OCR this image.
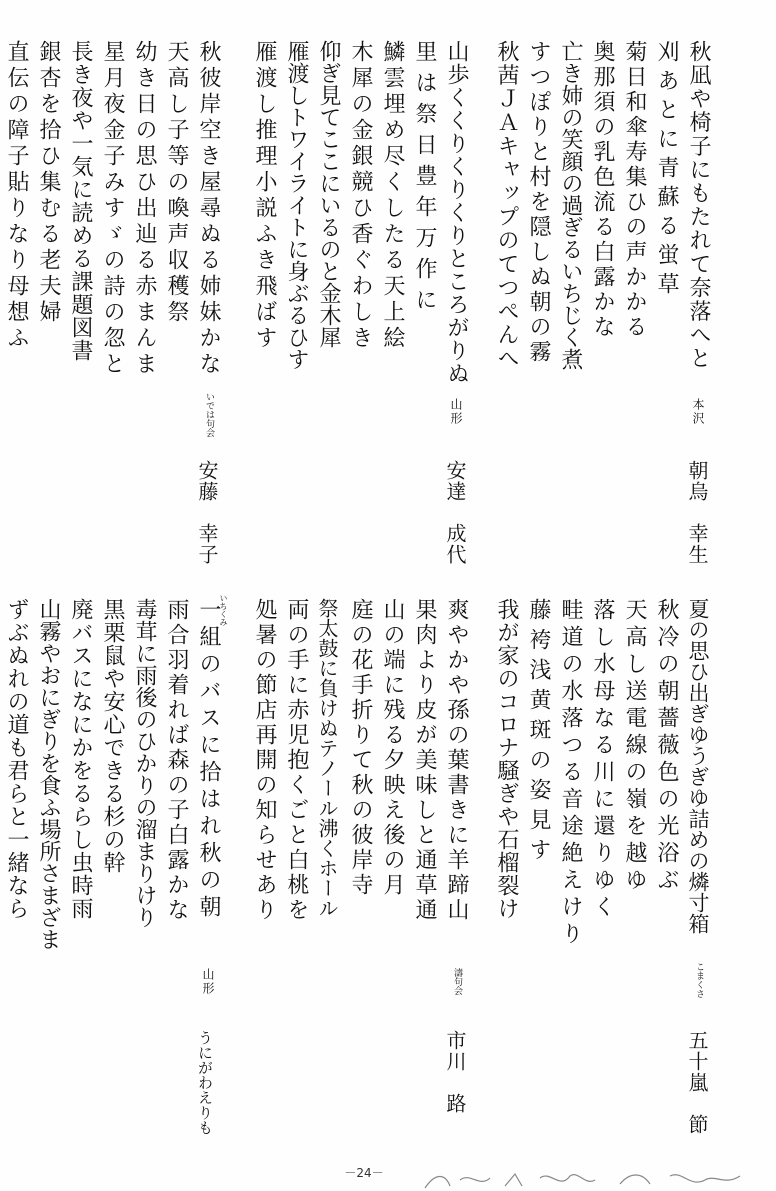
朝烏　幸生
本沢
秋凪や椅子にもたれて奈落へと
刈あとに青蘇る蛍草
菊日和傘寿集ひの声かかる
奥那須の乳色流る白露かな
亡き姉の笑顔の過ぎるいちじく煮
すつぽりと村を隠しぬ朝の霧
秋茜ＪＡキャップのてつぺんへ
安達　成代
山形
山歩くくりくりくりところがりぬ
里は祭日豊年万作に
鱗雲埋め尽くしたる天上絵
木犀の金銀競ひ香ぐわしき
仰ぎ見てここにいるのと金木犀
雁渡しトワイライトに身ぶるひす
雁渡し推理小説ふき飛ばす
安藤　幸子
いでは句会
秋彼岸空き屋尋ぬる姉妹かな
天高し子等の喚声収穫祭
幼き日の思ひ出辿る赤まんま
星月夜金子みすゞの詩の忽と
長き夜や一気に読める課題図書
銀杏を拾ひ集むる老夫婦
直伝の障子貼りなり母想ふ
五十嵐　節
こまくさ
夏の思ひ出ぎゆうぎゆ詰めの燐寸箱
秋冷の朝薔薇色の光浴ぶ
天高し送電線の嶺を越ゆ
落し水母なる川に還りゆく
畦道の水落つる音途絶えけり
藤袴浅黄斑の姿見す
我が家のコロナ騒ぎや石榴裂け
市川　路
濤句会
爽やかや孫の葉書きに羊蹄山
果肉より皮が美味しと通草通
山の端に残る夕映え後の月
庭の花手折りて秋の彼岸寺
祭太鼓に負けぬテノール沸くホール
両の手に赤児抱くごと白桃を
処暑の節店再開の知らせあり
うにがわえりも
山形
いちくみ
一組のバスに拾はれ秋の朝
雨合羽着れば森の子白露かな
毒茸に雨後のひかりの溜まりけり
黒栗鼠や安心できる杉の幹
廃バスになにかをるらし虫時雨
山霧やおにぎりを食ふ場所さまざま
ずぶぬれの道も君らと一緒なら
－24－
